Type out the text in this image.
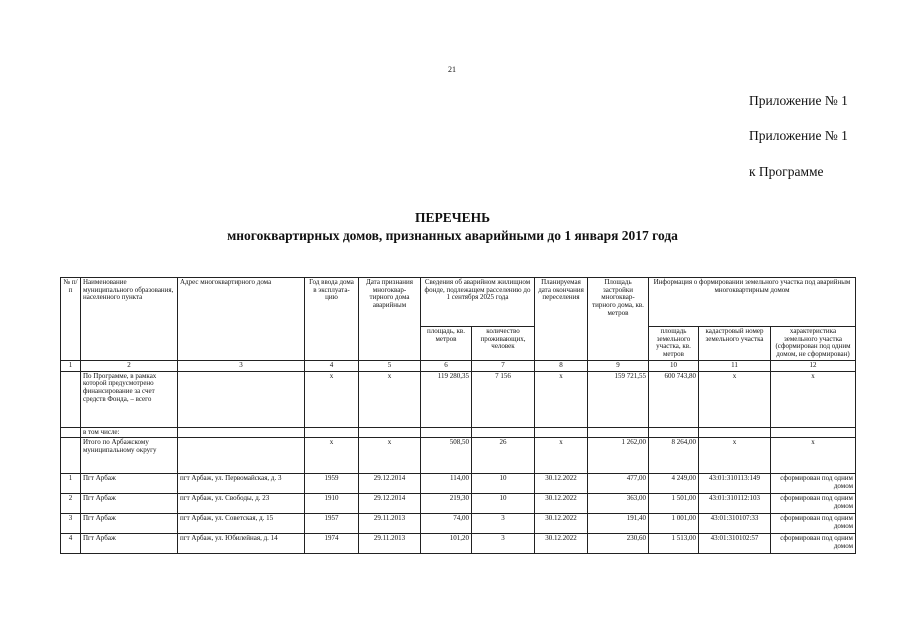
21
Приложение № 1
Приложение № 1
к Программе
ПЕРЕЧЕНЬ
многоквартирных домов, признанных аварийными до 1 января 2017 года
№ п/п	Наименование муниципального образования, населенного пункта	Адрес многоквартирного дома	Год ввода дома в эксплуата-цию	Дата признания многоквар-тирного дома аварийным	Сведения об аварийном жилищном фонде, подлежащем расселению до 1 сентября 2025 года		Планируемая дата окончания переселения	Площадь застройки многоквар-тирного дома, кв. метров	Информация о формировании земельного участка под аварийным многоквартирным домом		
					площадь, кв. метров	количество проживающих, человек			площадь земельного участка, кв. метров	кадастровый номер земельного участка	характеристика земельного участка (сформирован под одним домом, не сформирован)
1	2	3	4	5	6	7	8	9	10	11	12
	По Программе, в рамках которой предусмотрено финансирование за счет средств Фонда, – всего		x	x	119 280,35	7 156	x	159 721,55	600 743,80	x	x
	в том числе:										
	Итого по Арбажскому муниципальному округу		x	x	508,50	26	x	1 262,00	8 264,00	x	x
1	Пгт Арбаж	пгт Арбаж, ул. Первомайская, д. 3	1959	29.12.2014	114,00	10	30.12.2022	477,00	4 249,00	43:01:310113:149	сформирован под одним домом
2	Пгт Арбаж	пгт Арбаж, ул. Свободы, д. 23	1910	29.12.2014	219,30	10	30.12.2022	363,00	1 501,00	43:01:310112:103	сформирован под одним домом
3	Пгт Арбаж	пгт Арбаж, ул. Советская, д. 15	1957	29.11.2013	74,00	3	30.12.2022	191,40	1 001,00	43:01:310107:33	сформирован под одним домом
4	Пгт Арбаж	пгт Арбаж, ул. Юбилейная, д. 14	1974	29.11.2013	101,20	3	30.12.2022	230,60	1 513,00	43:01:310102:57	сформирован под одним домом
